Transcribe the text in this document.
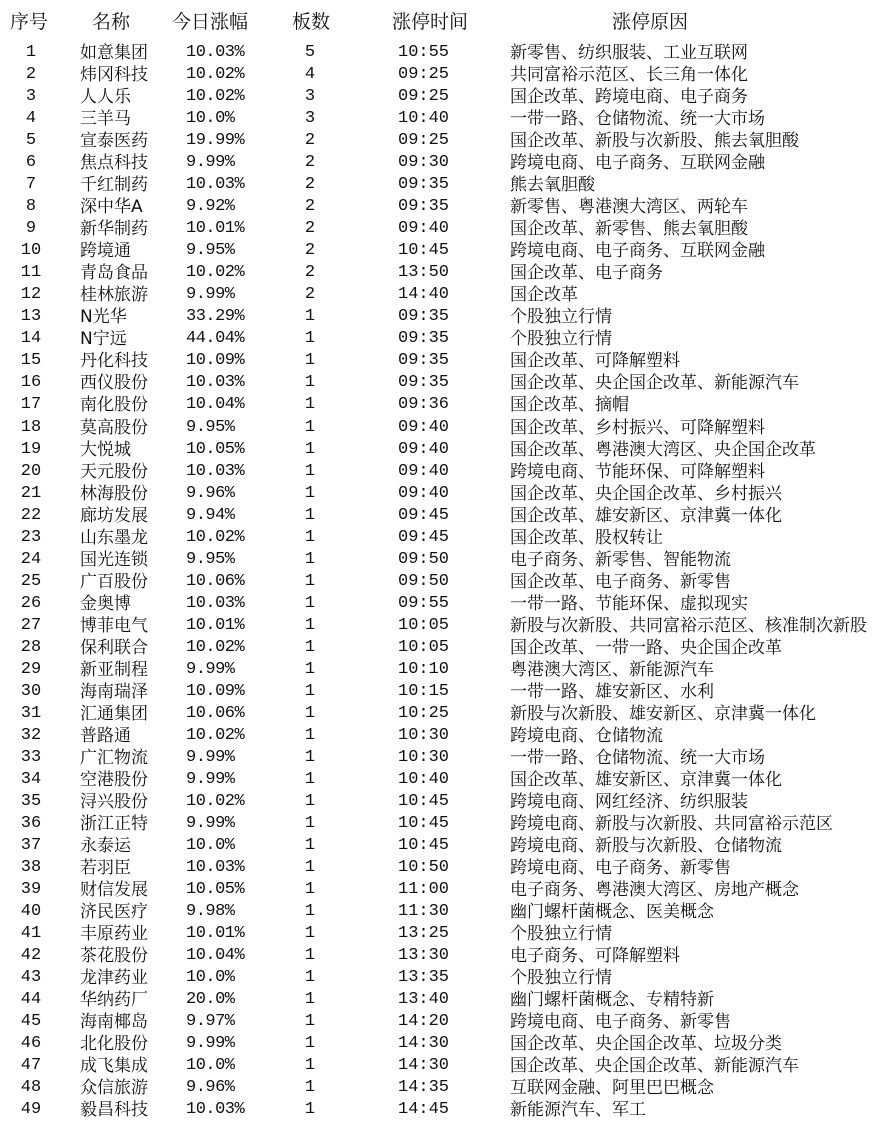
序号 名称 今日涨幅 板数	涨停时间	涨停原因
1	如意集团 10.03%	5	10:55	新零售、纺织服装、工业互联网
2	炜冈科技 10.02%	4	09:25	共同富裕示范区、长三角一体化
3	人人乐	10.02%	3	09:25	国企改革、跨境电商、电子商务
4	三羊马	10.0%	3	10:40	一带一路、仓储物流、统一大市场
5	宣泰医药 19.99%	2	09:25	国企改革、新股与次新股、熊去氧胆酸
6	焦点科技 9.99%	2	09:30	跨境电商、电子商务、互联网金融
7	千红制药 10.03%	2	09:35	熊去氧胆酸
8	深中华A	9.92%	2	09:35	新零售、粤港澳大湾区、两轮车
9	新华制药 10.01%	2	09:40	国企改革、新零售、熊去氧胆酸
10	跨境通	9.95%	2	10:45	跨境电商、电子商务、互联网金融
11	青岛食品 10.02%	2	13:50	国企改革、电子商务
12	桂林旅游 9.99%	2	14:40	国企改革
13	N光华	33.29%	1	09:35	个股独立行情
14	N宁远	44.04%	1	09:35	个股独立行情
15	丹化科技 10.09%	1	09:35	国企改革、可降解塑料
16	西仪股份 10.03%	1	09:35	国企改革、央企国企改革、新能源汽车
17	南化股份 10.04%	1	09:36	国企改革、摘帽
18	莫高股份 9.95%	1	09:40	国企改革、乡村振兴、可降解塑料
19	大悦城	10.05%	1	09:40	国企改革、粤港澳大湾区、央企国企改革
20	天元股份 10.03%	1	09:40	跨境电商、节能环保、可降解塑料
21	林海股份 9.96%	1	09:40	国企改革、央企国企改革、乡村振兴
22	廊坊发展 9.94%	1	09:45	国企改革、雄安新区、京津冀一体化
23	山东墨龙 10.02%	1	09:45	国企改革、股权转让
24	国光连锁 9.95%	1	09:50	电子商务、新零售、智能物流
25	广百股份 10.06%	1	09:50	国企改革、电子商务、新零售
26	金奥博	10.03%	1	09:55	一带一路、节能环保、虚拟现实
27	博菲电气 10.01%	1	10:05	新股与次新股、共同富裕示范区、核准制次新股
28	保利联合 10.02%	1	10:05	国企改革、一带一路、央企国企改革
29	新亚制程 9.99%	1	10:10	粤港澳大湾区、新能源汽车
30	海南瑞泽 10.09%	1	10:15	一带一路、雄安新区、水利
31	汇通集团 10.06%	1	10:25	新股与次新股、雄安新区、京津冀一体化
32	普路通	10.02%	1	10:30	跨境电商、仓储物流
33	广汇物流 9.99%	1	10:30	一带一路、仓储物流、统一大市场
34	空港股份 9.99%	1	10:40	国企改革、雄安新区、京津冀一体化
35	浔兴股份 10.02%	1	10:45	跨境电商、网红经济、纺织服装
36	浙江正特 9.99%	1	10:45	跨境电商、新股与次新股、共同富裕示范区
37	永泰运	10.0%	1	10:45	跨境电商、新股与次新股、仓储物流
38	若羽臣	10.03%	1	10:50	跨境电商、电子商务、新零售
39	财信发展 10.05%	1	11:00	电子商务、粤港澳大湾区、房地产概念
40	济民医疗 9.98%	1	11:30	幽门螺杆菌概念、医美概念
41	丰原药业 10.01%	1	13:25	个股独立行情
42	茶花股份 10.04%	1	13:30	电子商务、可降解塑料
43	龙津药业 10.0%	1	13:35	个股独立行情
44	华纳药厂 20.0%	1	13:40	幽门螺杆菌概念、专精特新
45	海南椰岛 9.97%	1	14:20	跨境电商、电子商务、新零售
46	北化股份 9.99%	1	14:30	国企改革、央企国企改革、垃圾分类
47	成飞集成 10.0%	1	14:30	国企改革、央企国企改革、新能源汽车
48	众信旅游 9.96%	1	14:35	互联网金融、阿里巴巴概念
49	毅昌科技 10.03%	1	14:45	新能源汽车、军工
